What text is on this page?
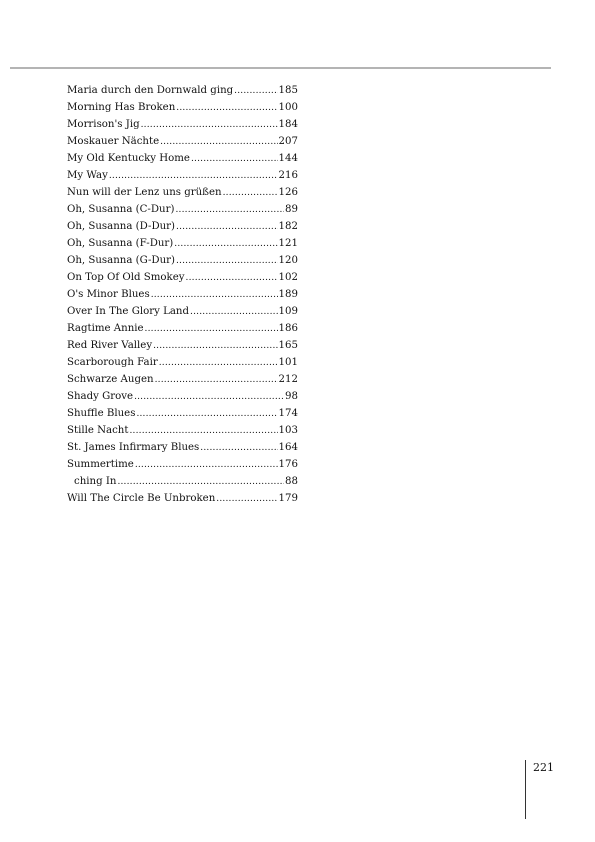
Maria durch den Dornwald ging .....	185
Morning Has Broken .....	100
Morrison's Jig .....	184
Moskauer Nächte .....	207
My Old Kentucky Home .....	144
My Way .....	216
Nun will der Lenz uns grüßen .....	126
Oh, Susanna (C-Dur) .....	89
Oh, Susanna (D-Dur) .....	182
Oh, Susanna (F-Dur) .....	121
Oh, Susanna (G-Dur) .....	120
On Top Of Old Smokey .....	102
O's Minor Blues .....	189
Over In The Glory Land .....	109
Ragtime Annie .....	186
Red River Valley .....	165
Scarborough Fair .....	101
Schwarze Augen .....	212
Shady Grove .....	98
Shuffle Blues .....	174
Stille Nacht .....	103
St. James Infirmary Blues .....	164
Summertime .....	176
ching In .....	88
Will The Circle Be Unbroken .....	179
221
